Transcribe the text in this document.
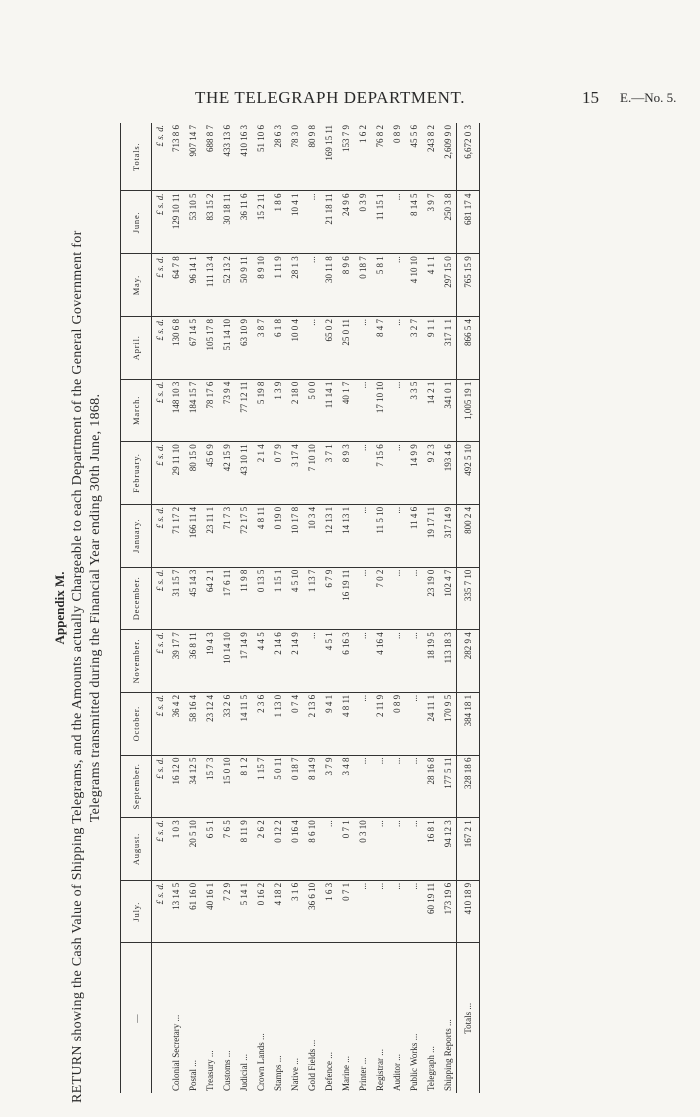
THE TELEGRAPH DEPARTMENT.	15 E.—No. 5.
Appendix M. RETURN showing the Cash Value of Shipping Telegrams, and the Amounts actually Chargeable to each Department of the General Government for Telegrams transmitted during the Financial Year ending 30th June, 1868.
—	July.	August.	September.	October.	November.	December.	January.	February.	March.	April.	May.	June.	Totals.
	£ s. d.	£ s. d.	£ s. d.	£ s. d.	£ s. d.	£ s. d.	£ s. d.	£ s. d.	£ s. d.	£ s. d.	£ s. d.	£ s. d.	£ s. d.
Colonial Secretary ...	13 14 5	1 0 3	16 12 0	36 4 2	39 17 7	31 15 7	71 17 2	29 11 10	148 10 3	130 6 8	64 7 8	129 10 11	713 8 6
Postal ...	61 16 0	20 5 10	34 12 5	58 16 4	36 8 11	45 14 3	166 11 4	80 15 0	184 15 7	67 14 5	96 14 1	53 10 5	907 14 7
Treasury ...	40 16 1	6 5 1	15 7 3	23 12 4	19 4 3	64 2 1	23 11 1	45 6 9	78 17 6	105 17 8	111 13 4	83 15 2	688 8 7
Customs ...	7 2 9	7 6 5	15 0 10	33 2 6	10 14 10	17 6 11	71 7 3	42 15 9	73 9 4	51 14 10	52 13 2	30 18 11	433 13 6
Judicial ...	5 14 1	8 11 9	8 1 2	14 11 5	17 14 9	11 9 8	72 17 5	43 10 11	77 12 11	63 10 9	50 9 11	36 11 6	410 16 3
Crown Lands ...	0 16 2	2 6 2	1 15 7	2 3 6	4 4 5	0 13 5	4 8 11	2 1 4	5 19 8	3 8 7	8 9 10	15 2 11	51 10 6
Stamps ...	4 18 2	0 12 2	5 0 11	1 13 0	2 14 6	1 15 1	0 19 0	0 7 9	1 3 9	6 1 8	1 11 9	1 8 6	28 6 3
Native ...	3 1 6	0 16 4	0 18 7	0 7 4	2 14 9	4 5 10	10 17 8	3 17 4	2 18 0	10 0 4	28 1 3	10 4 1	78 3 0
Gold Fields ...	36 6 10	8 6 10	8 14 9	2 13 6	...	1 13 7	10 3 4	7 10 10	5 0 0	...	...	...	80 9 8
Defence ...	1 6 3	...	3 7 9	9 4 1	4 5 1	6 7 9	12 13 1	3 7 1	11 14 1	65 0 2	30 11 8	21 18 11	169 15 11
Marine ...	0 7 1	0 7 1	3 4 8	4 8 11	6 16 3	16 19 11	14 13 1	8 9 3	40 1 7	25 0 11	8 9 6	24 9 6	153 7 9
Printer ...	...	0 3 10	...	...	...	...	...	...	...	...	0 18 7	0 3 9	1 6 2
Registrar ...	...	...	...	2 11 9	4 16 4	7 0 2	11 5 10	7 15 6	17 10 10	8 4 7	5 8 1	11 15 1	76 8 2
Auditor ...	...	...	...	0 8 9	...	...	...	...	...	...	...	...	0 8 9
Public Works ...	...	...	...	...	...	...	11 4 6	14 9 9	3 3 5	3 2 7	4 10 10	8 14 5	45 5 6
Telegraph ...	60 19 11	16 8 1	28 16 8	24 11 1	18 19 5	23 19 0	19 17 11	9 2 3	14 2 1	9 1 1	4 1 1	3 9 7	243 8 2
Shipping Reports ...	173 19 6	94 12 3	177 5 11	170 9 5	113 18 3	102 4 7	317 14 9	193 4 6	341 0 1	317 1 1	297 15 0	250 3 8	2,609 9 0
Totals ...	410 18 9	167 2 1	328 18 6	384 18 1	282 9 4	335 7 10	800 2 4	492 5 10	1,005 19 1	866 5 4	765 15 9	681 17 4	6,672 0 3
